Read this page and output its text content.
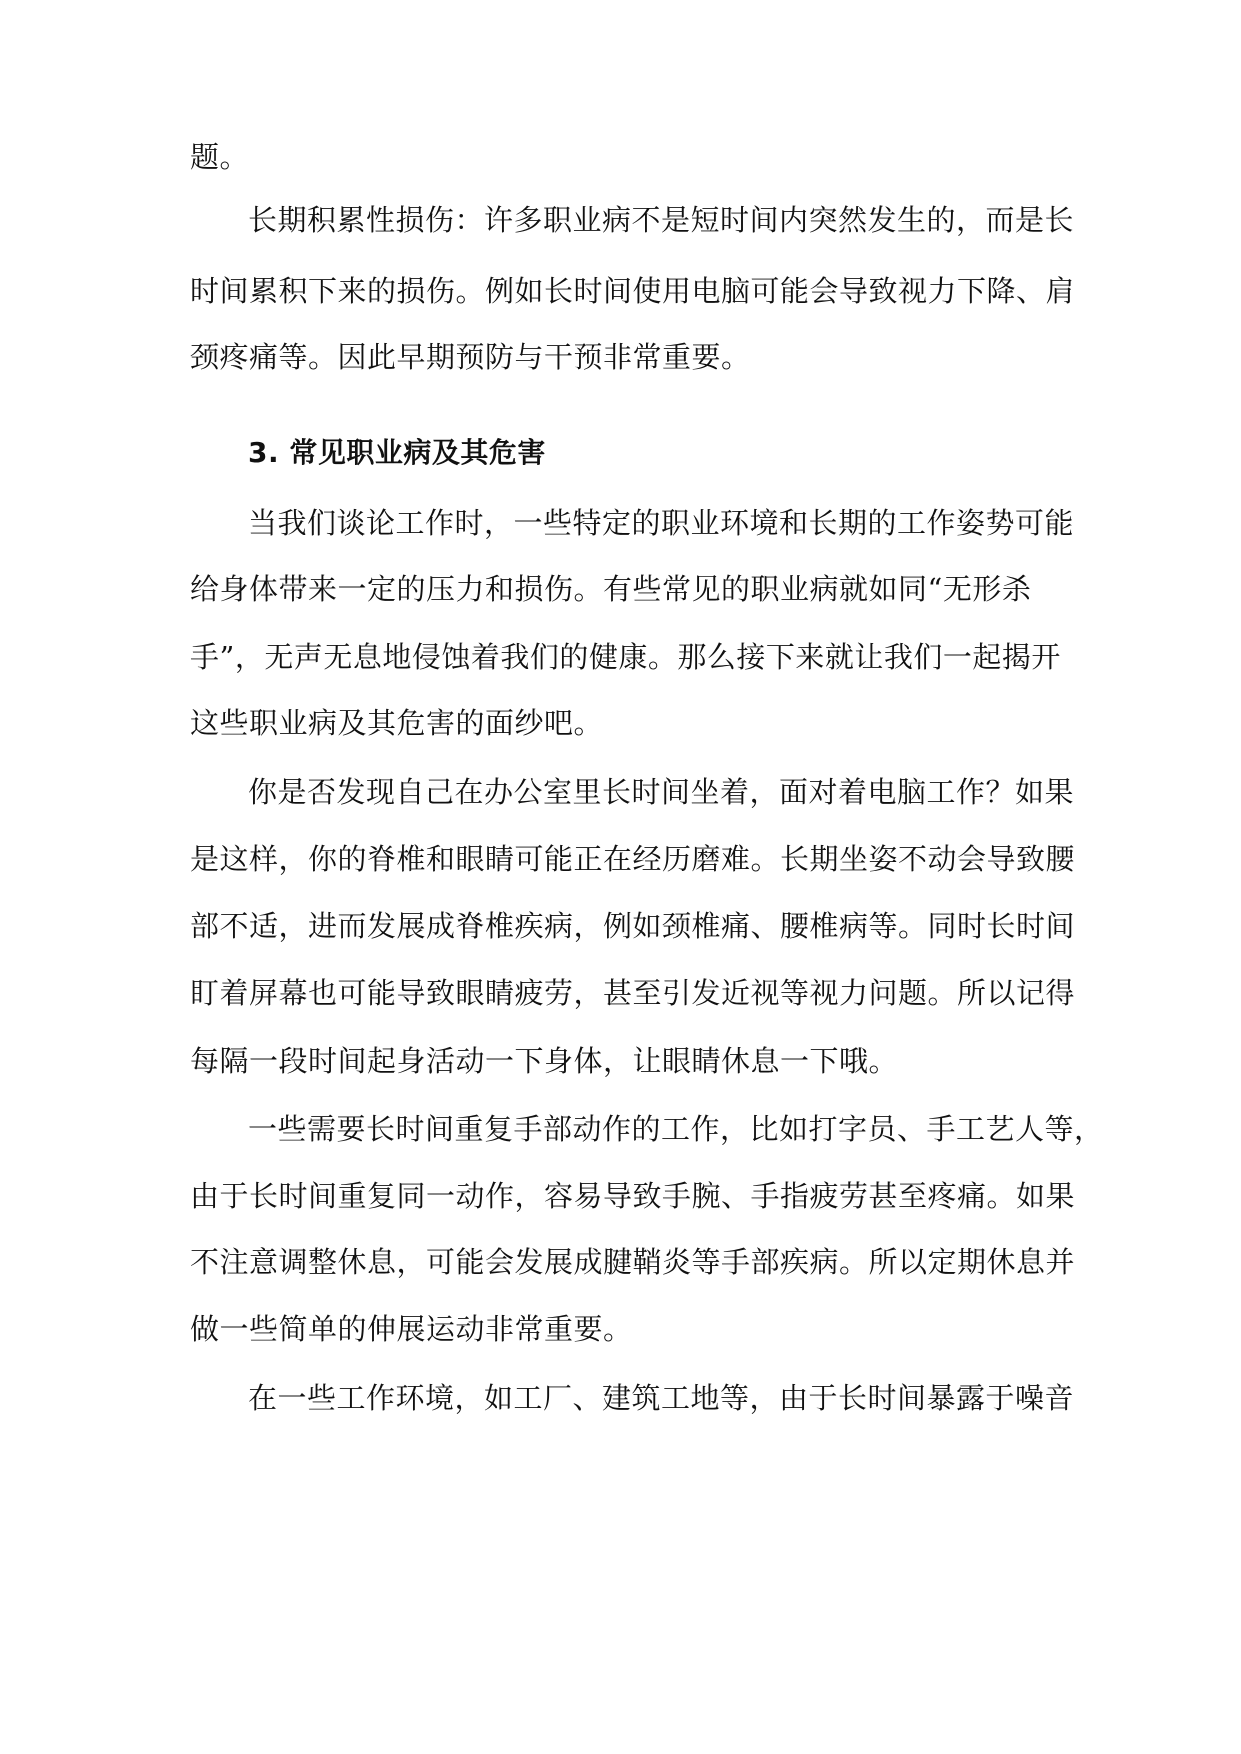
题。
长期积累性损伤：许多职业病不是短时间内突然发生的，而是长
时间累积下来的损伤。例如长时间使用电脑可能会导致视力下降、肩
颈疼痛等。因此早期预防与干预非常重要。
3. 常见职业病及其危害
当我们谈论工作时，一些特定的职业环境和长期的工作姿势可能
给身体带来一定的压力和损伤。有些常见的职业病就如同“无形杀
手”，无声无息地侵蚀着我们的健康。那么接下来就让我们一起揭开
这些职业病及其危害的面纱吧。
你是否发现自己在办公室里长时间坐着，面对着电脑工作？如果
是这样，你的脊椎和眼睛可能正在经历磨难。长期坐姿不动会导致腰
部不适，进而发展成脊椎疾病，例如颈椎痛、腰椎病等。同时长时间
盯着屏幕也可能导致眼睛疲劳，甚至引发近视等视力问题。所以记得
每隔一段时间起身活动一下身体，让眼睛休息一下哦。
一些需要长时间重复手部动作的工作，比如打字员、手工艺人等，
由于长时间重复同一动作，容易导致手腕、手指疲劳甚至疼痛。如果
不注意调整休息，可能会发展成腱鞘炎等手部疾病。所以定期休息并
做一些简单的伸展运动非常重要。
在一些工作环境，如工厂、建筑工地等，由于长时间暴露于噪音
